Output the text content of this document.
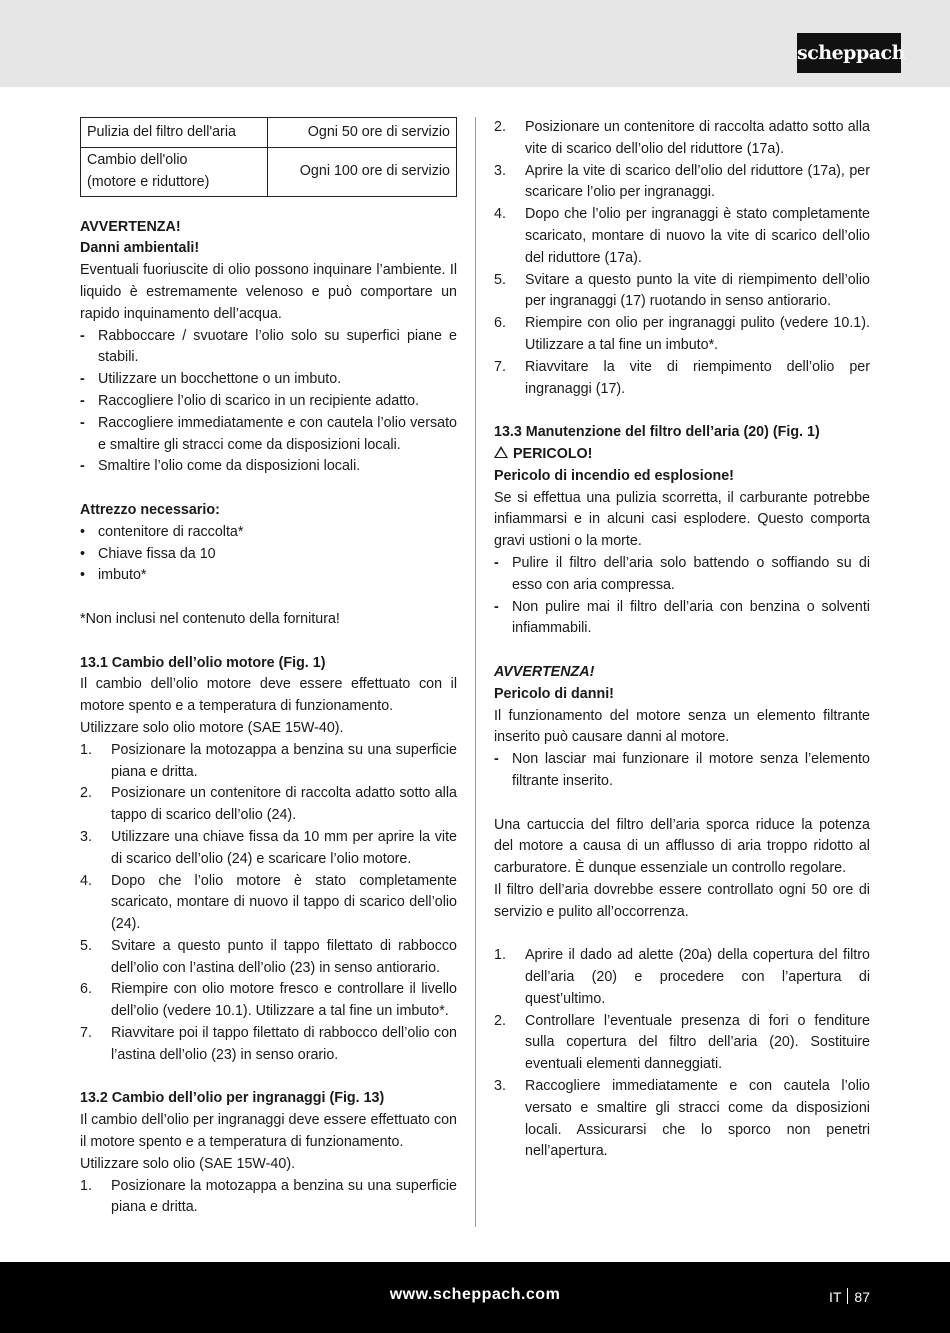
scheppach
Pulizia del filtro dell'aria	Ogni 50 ore di servizio

Cambio dell'olio
(motore e riduttore)	Ogni 100 ore di servizio
AVVERTENZA!
Danni ambientali!

Eventuali fuoriuscite di olio possono inquinare l’ambiente. Il liquido è estremamente velenoso e può comportare un rapido inquinamento dell’acqua.

- Rabboccare / svuotare l’olio solo su superfici piane e stabili.
- Utilizzare un bocchettone o un imbuto.
- Raccogliere l’olio di scarico in un recipiente adatto.
- Raccogliere immediatamente e con cautela l’olio versato e smaltire gli stracci come da disposizioni locali.
- Smaltire l’olio come da disposizioni locali.
Attrezzo necessario:
• contenitore di raccolta*
• Chiave fissa da 10
• imbuto*
*Non inclusi nel contenuto della fornitura!
13.1 Cambio dell’olio motore (Fig. 1)

Il cambio dell’olio motore deve essere effettuato con il motore spento e a temperatura di funzionamento.

Utilizzare solo olio motore (SAE 15W-40).
1. Posizionare la motozappa a benzina su una superficie piana e dritta.
2. Posizionare un contenitore di raccolta adatto sotto alla tappo di scarico dell’olio (24).
3. Utilizzare una chiave fissa da 10 mm per aprire la vite di scarico dell’olio (24) e scaricare l’olio motore.
4. Dopo che l’olio motore è stato completamente scaricato, montare di nuovo il tappo di scarico dell’olio (24).
5. Svitare a questo punto il tappo filettato di rabbocco dell’olio con l’astina dell’olio (23) in senso antiorario.
6. Riempire con olio motore fresco e controllare il livello dell’olio (vedere 10.1). Utilizzare a tal fine un imbuto*.
7. Riavvitare poi il tappo filettato di rabbocco dell’olio con l’astina dell’olio (23) in senso orario.
13.2 Cambio dell’olio per ingranaggi (Fig. 13)

Il cambio dell’olio per ingranaggi deve essere effettuato con il motore spento e a temperatura di funzionamento.

Utilizzare solo olio (SAE 15W-40).
1. Posizionare la motozappa a benzina su una superficie piana e dritta.
2. Posizionare un contenitore di raccolta adatto sotto alla vite di scarico dell’olio del riduttore (17a).
3. Aprire la vite di scarico dell’olio del riduttore (17a), per scaricare l’olio per ingranaggi.
4. Dopo che l’olio per ingranaggi è stato completamente scaricato, montare di nuovo la vite di scarico dell’olio del riduttore (17a).
5. Svitare a questo punto la vite di riempimento dell’olio per ingranaggi (17) ruotando in senso antiorario.
6. Riempire con olio per ingranaggi pulito (vedere 10.1). Utilizzare a tal fine un imbuto*.
7. Riavvitare la vite di riempimento dell’olio per ingranaggi (17).
13.3 Manutenzione del filtro dell’aria (20) (Fig. 1)
PERICOLO!
Pericolo di incendio ed esplosione!

Se si effettua una pulizia scorretta, il carburante potrebbe infiammarsi e in alcuni casi esplodere. Questo comporta gravi ustioni o la morte.

- Pulire il filtro dell’aria solo battendo o soffiando su di esso con aria compressa.
- Non pulire mai il filtro dell’aria con benzina o solventi infiammabili.
AVVERTENZA!
Pericolo di danni!

Il funzionamento del motore senza un elemento filtrante inserito può causare danni al motore.

- Non lasciar mai funzionare il motore senza l’elemento filtrante inserito.

Una cartuccia del filtro dell’aria sporca riduce la potenza del motore a causa di un afflusso di aria troppo ridotto al carburatore. È dunque essenziale un controllo regolare.

Il filtro dell’aria dovrebbe essere controllato ogni 50 ore di servizio e pulito all’occorrenza.

1. Aprire il dado ad alette (20a) della copertura del filtro dell’aria (20) e procedere con l’apertura di quest’ultimo.
2. Controllare l’eventuale presenza di fori o fenditure sulla copertura del filtro dell’aria (20). Sostituire eventuali elementi danneggiati.
3. Raccogliere immediatamente e con cautela l’olio versato e smaltire gli stracci come da disposizioni locali. Assicurarsi che lo sporco non penetri nell’apertura.
www.scheppach.com	IT 87
